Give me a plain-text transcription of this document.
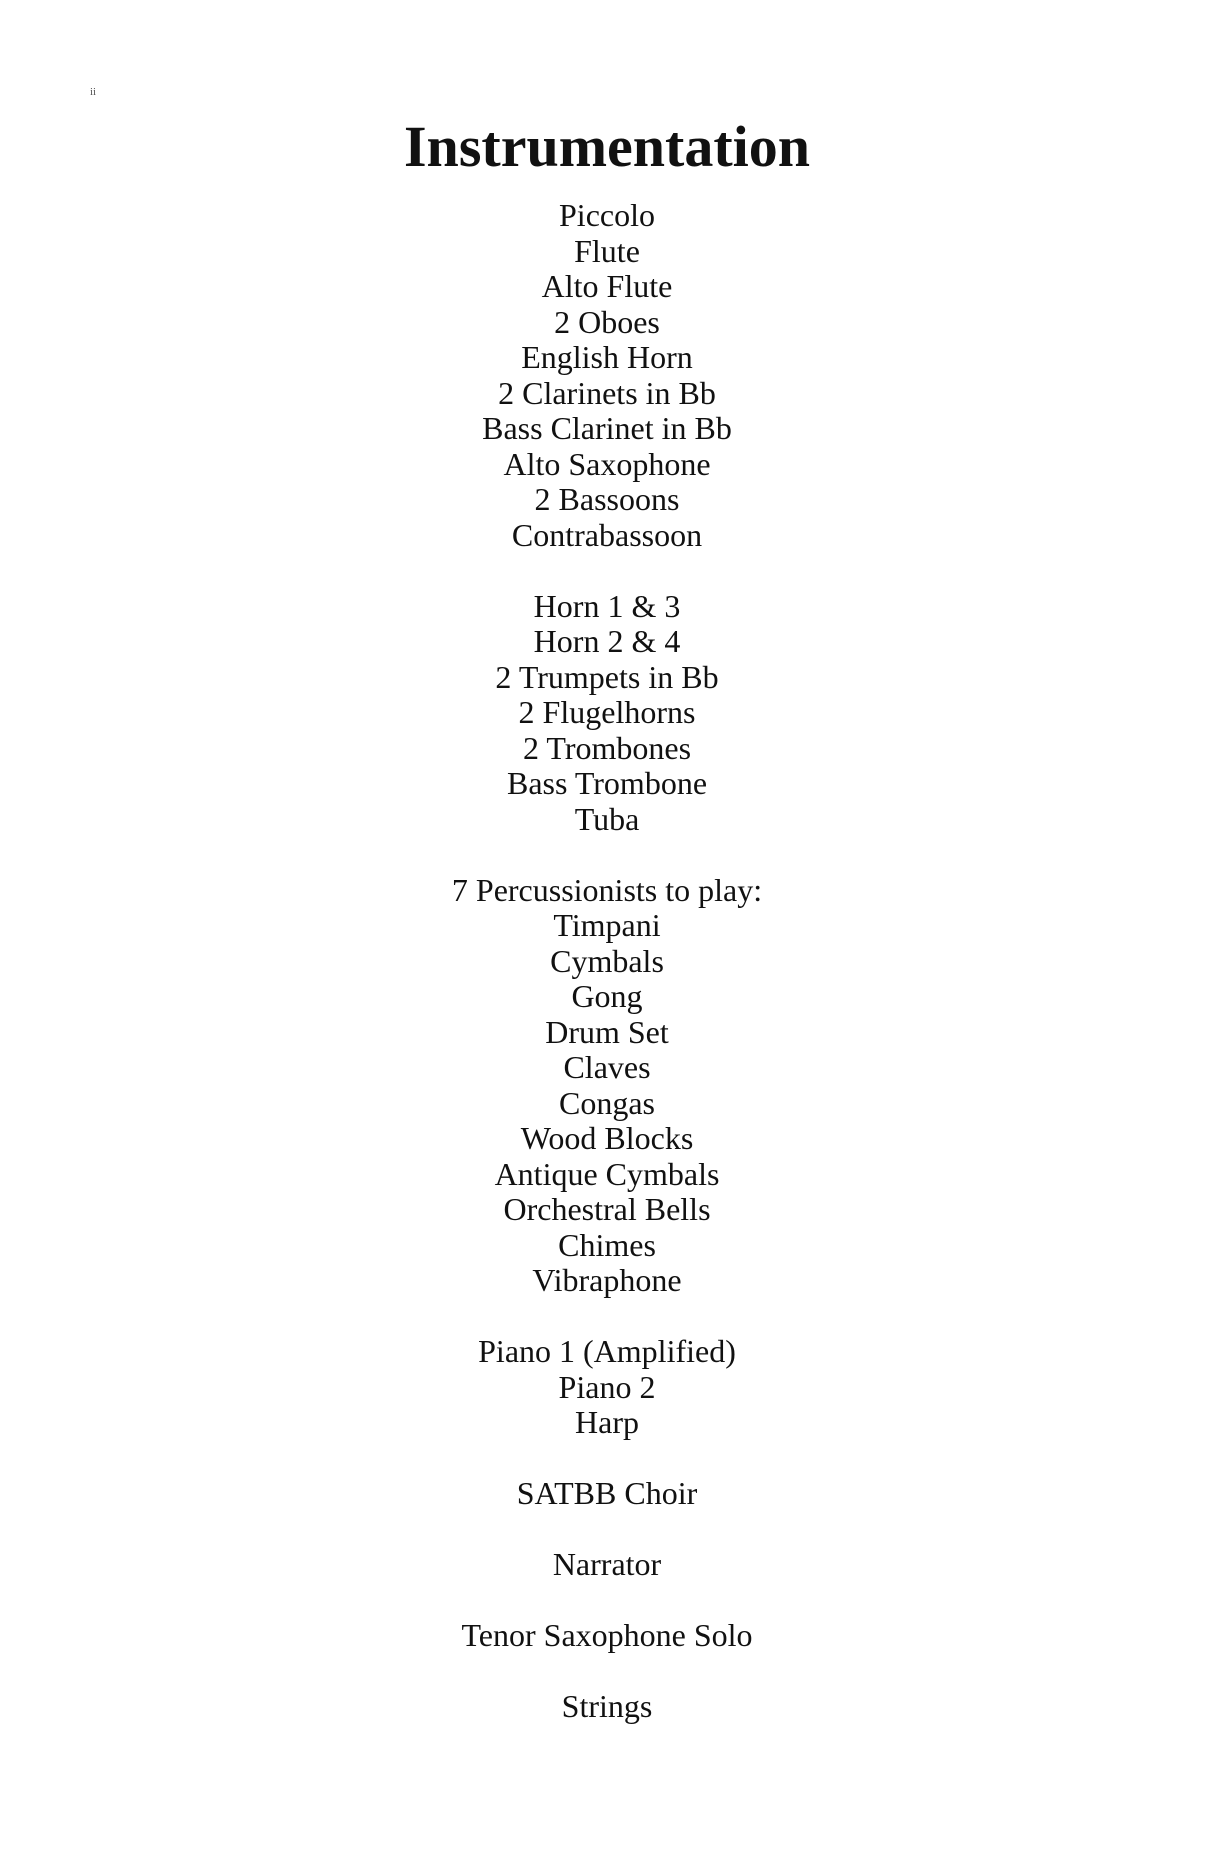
ii
Instrumentation
Piccolo
Flute
Alto Flute
2 Oboes
English Horn
2 Clarinets in Bb
Bass Clarinet in Bb
Alto Saxophone
2 Bassoons
Contrabassoon
Horn 1 & 3
Horn 2 & 4
2 Trumpets in Bb
2 Flugelhorns
2 Trombones
Bass Trombone
Tuba
7 Percussionists to play:
Timpani
Cymbals
Gong
Drum Set
Claves
Congas
Wood Blocks
Antique Cymbals
Orchestral Bells
Chimes
Vibraphone
Piano 1 (Amplified)
Piano 2
Harp
SATBB Choir
Narrator
Tenor Saxophone Solo
Strings
